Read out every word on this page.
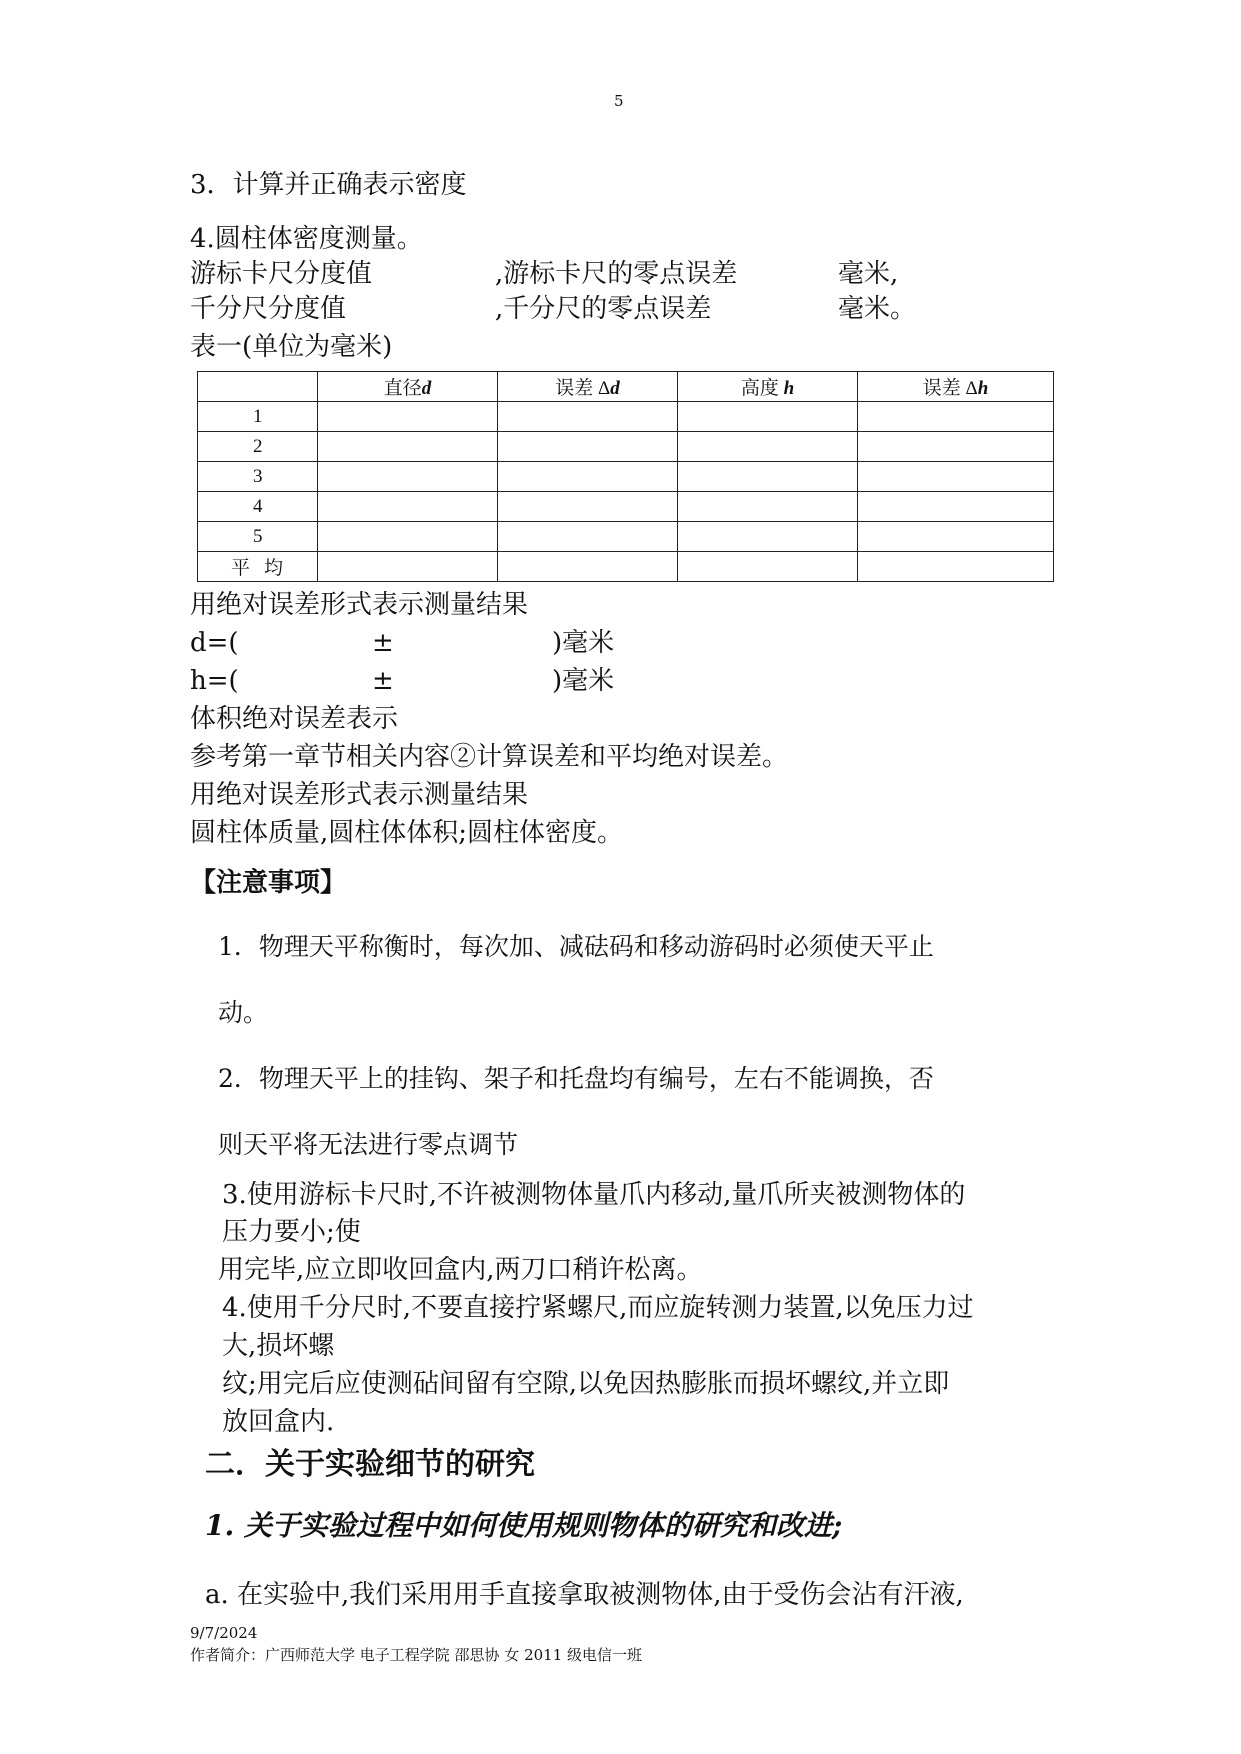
5
3．计算并正确表示密度
4.圆柱体密度测量。
游标卡尺分度值	,游标卡尺的零点误差	毫米,
千分尺分度值	,千分尺的零点误差	毫米。
表一(单位为毫米)
	直径d	误差 Δd	高度 h	误差 Δh
1				
2				
3				
4				
5				
平均				
用绝对误差形式表示测量结果
d=(	±	)毫米
h=(	±	)毫米
体积绝对误差表示
参考第一章节相关内容②计算误差和平均绝对误差。
用绝对误差形式表示测量结果
圆柱体质量,圆柱体体积;圆柱体密度。
【注意事项】
1．物理天平称衡时，每次加、减砝码和移动游码时必须使天平止
动。
2．物理天平上的挂钩、架子和托盘均有编号，左右不能调换，否
则天平将无法进行零点调节
3.使用游标卡尺时,不许被测物体量爪内移动,量爪所夹被测物体的
压力要小;使
用完毕,应立即收回盒内,两刀口稍许松离。
4.使用千分尺时,不要直接拧紧螺尺,而应旋转测力装置,以免压力过
大,损坏螺
纹;用完后应使测砧间留有空隙,以免因热膨胀而损坏螺纹,并立即
放回盒内.
二．关于实验细节的研究
1. 关于实验过程中如何使用规则物体的研究和改进;
a. 在实验中,我们采用用手直接拿取被测物体,由于受伤会沾有汗液,
9/7/2024
作者简介：广西师范大学 电子工程学院 邵思协 女 2011 级电信一班
